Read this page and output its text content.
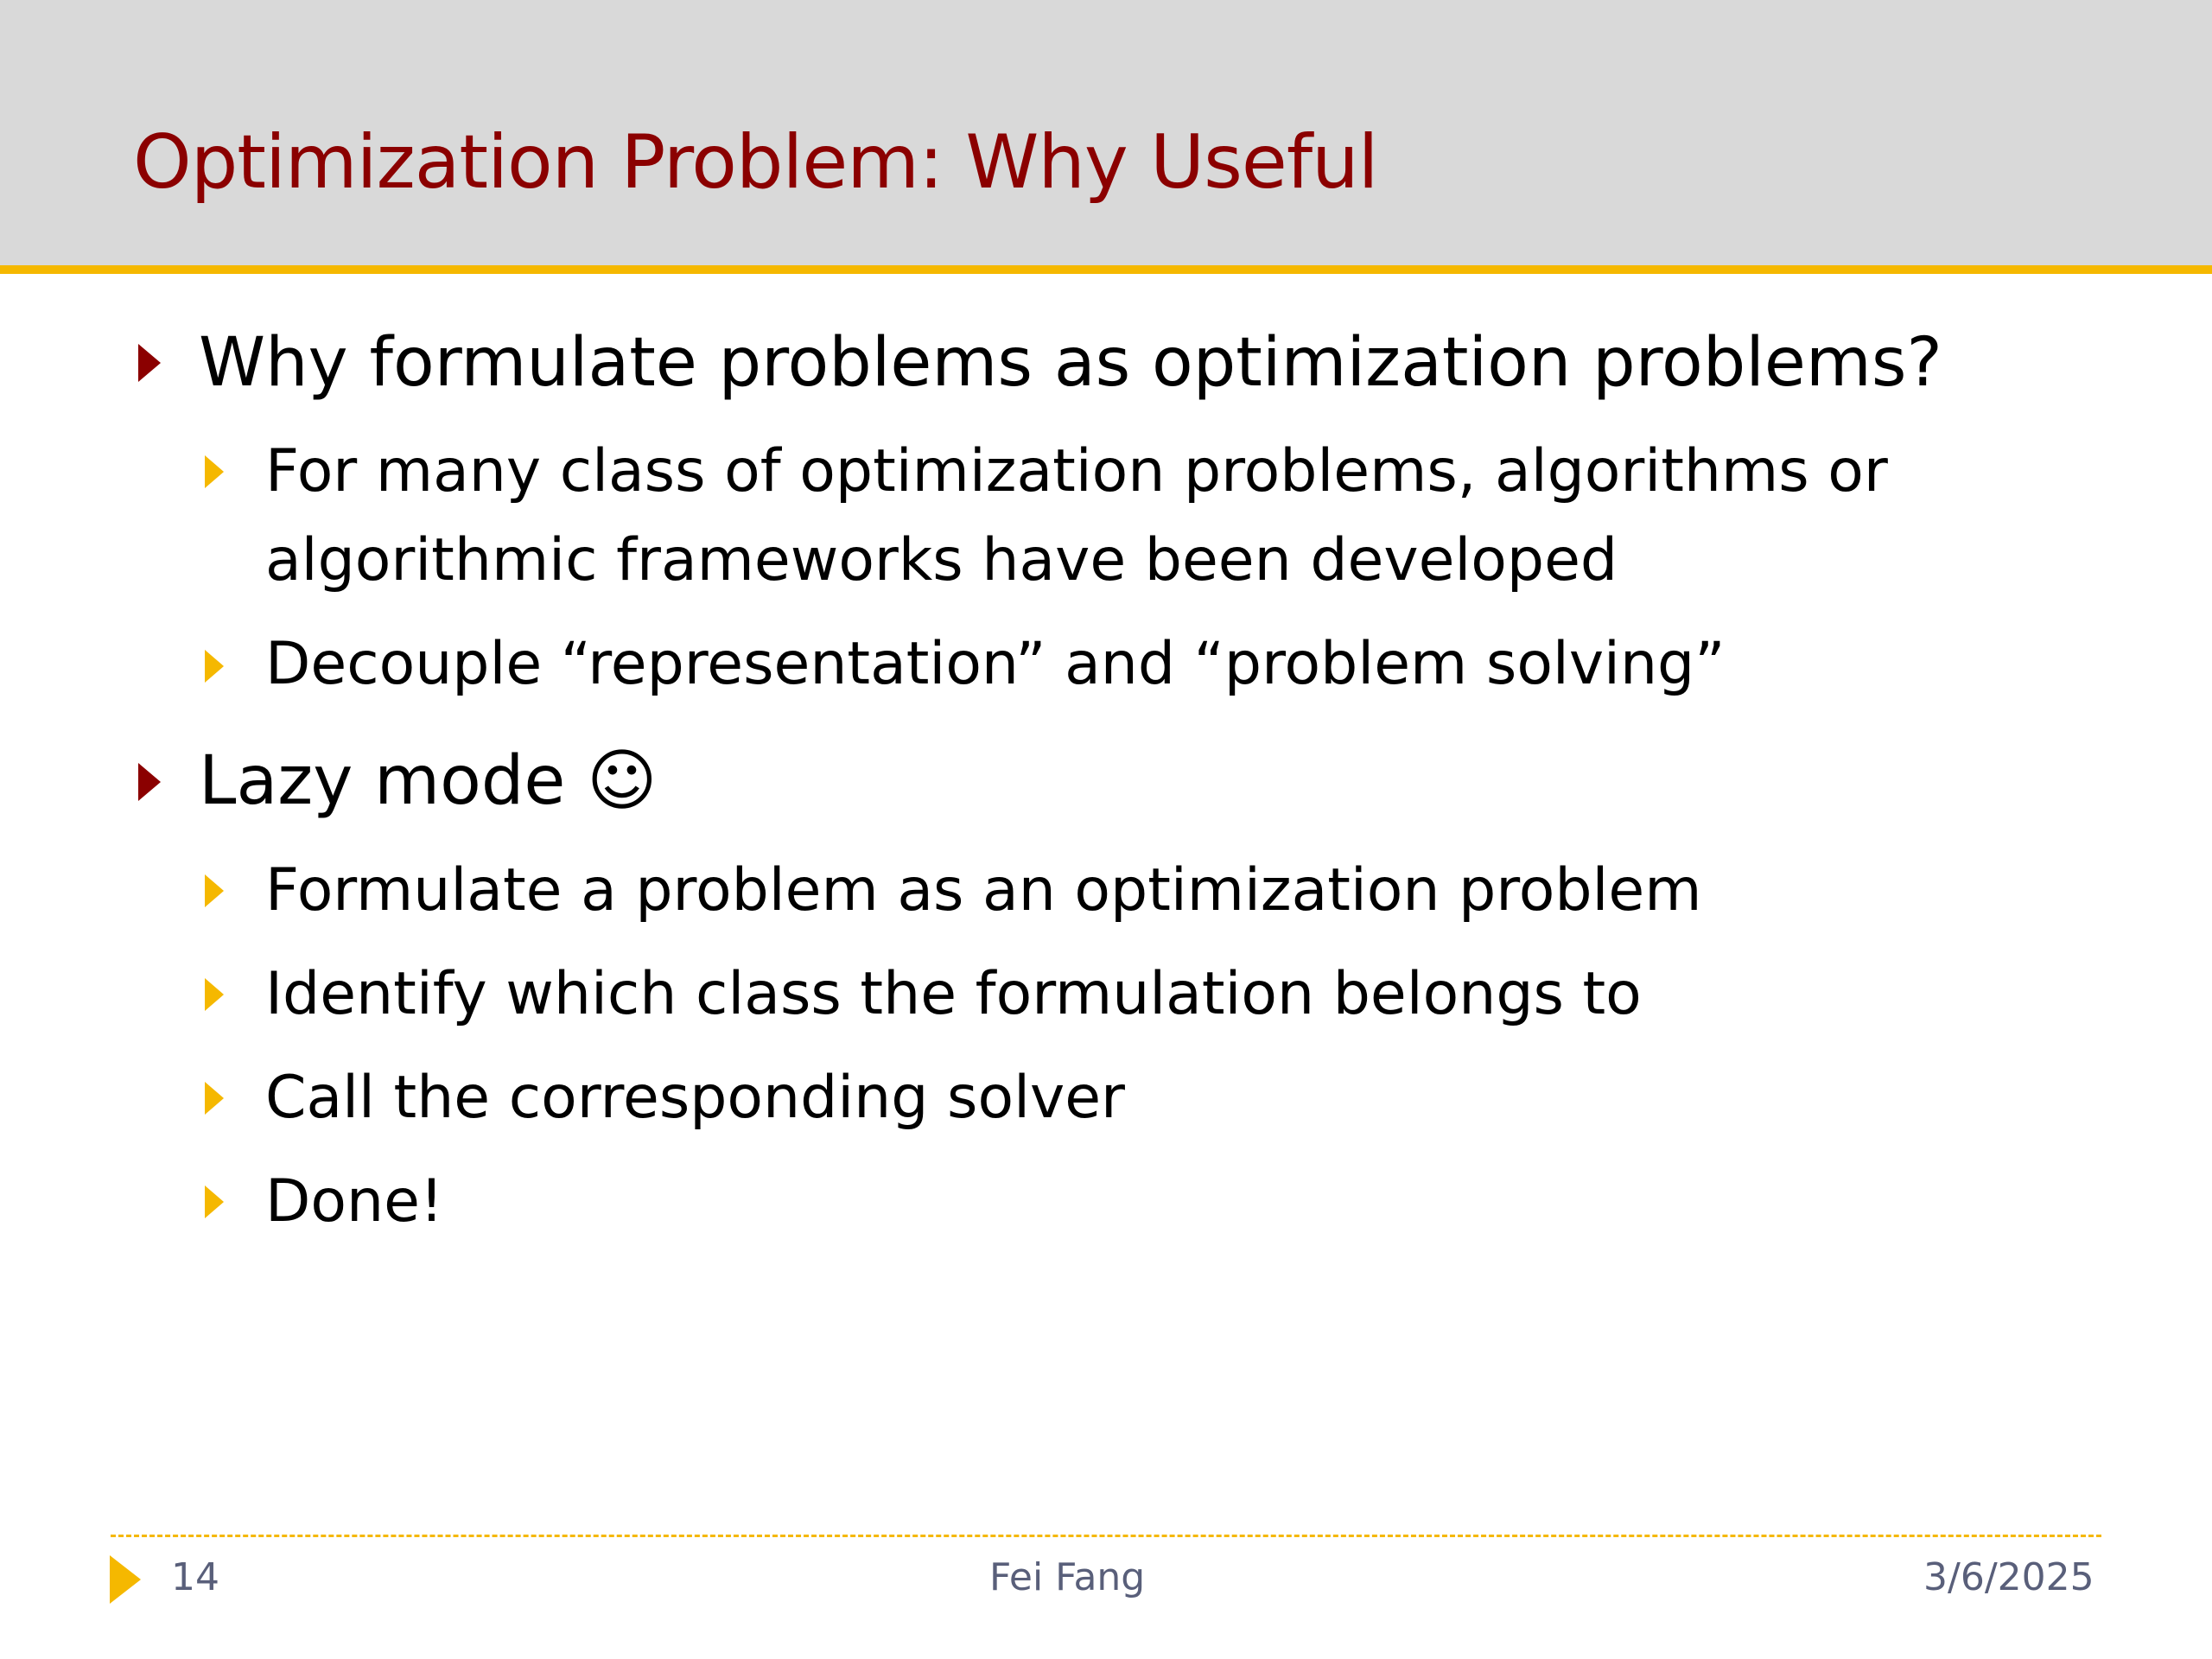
Optimization Problem: Why Useful
Why formulate problems as optimization problems?
For many class of optimization problems, algorithms or
algorithmic frameworks have been developed
Decouple “representation” and “problem solving”
Lazy mode ☺
Formulate a problem as an optimization problem
Identify which class the formulation belongs to
Call the corresponding solver
Done!
14	Fei Fang	3/6/2025
